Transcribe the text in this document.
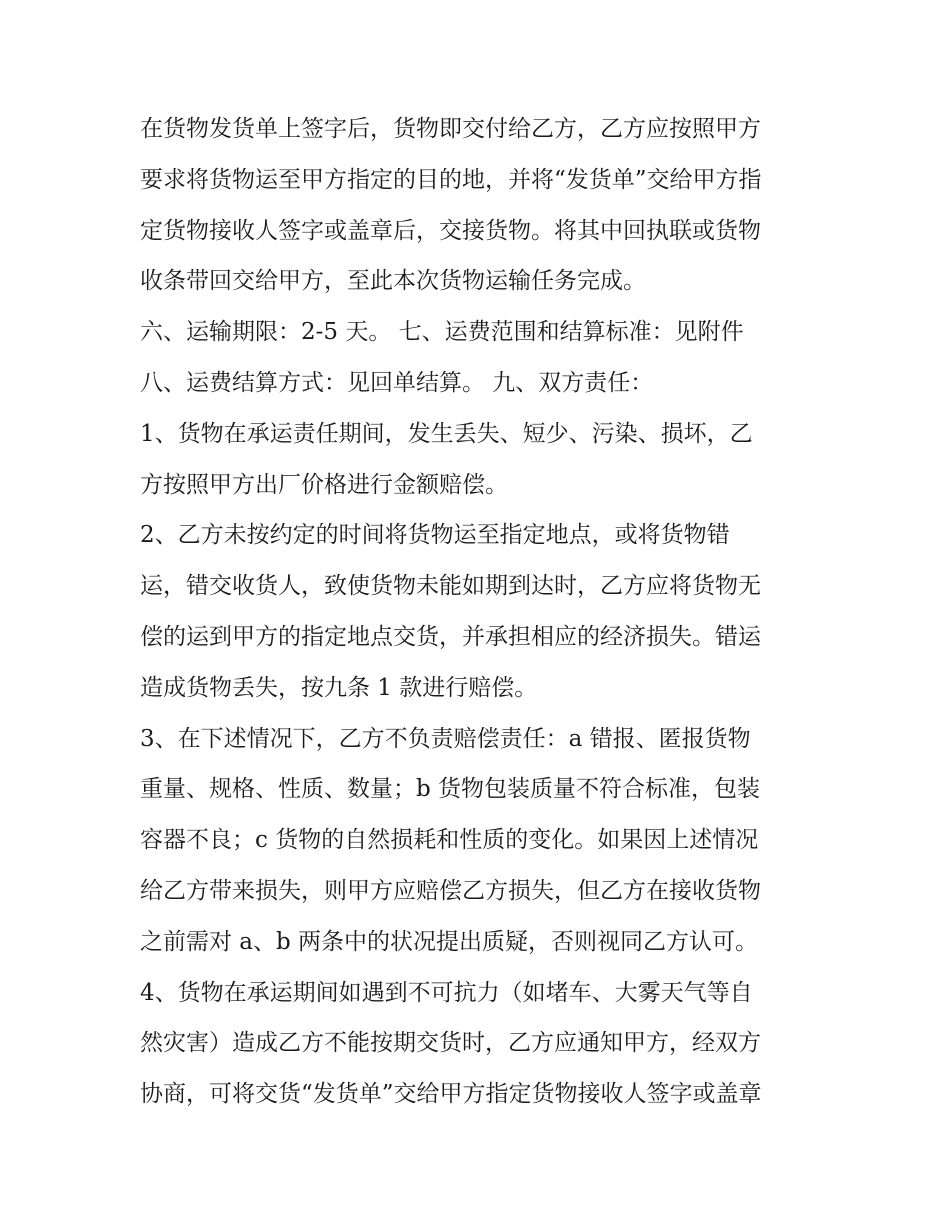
在货物发货单上签字后，货物即交付给乙方，乙方应按照甲方
要求将货物运至甲方指定的目的地，并将“发货单”交给甲方指
定货物接收人签字或盖章后，交接货物。将其中回执联或货物
收条带回交给甲方，至此本次货物运输任务完成。
六、运输期限：2-5 天。 七、运费范围和结算标准：见附件
八、运费结算方式：见回单结算。 九、双方责任：
1、货物在承运责任期间，发生丢失、短少、污染、损坏，乙
方按照甲方出厂价格进行金额赔偿。
2、乙方未按约定的时间将货物运至指定地点，或将货物错
运，错交收货人，致使货物未能如期到达时，乙方应将货物无
偿的运到甲方的指定地点交货，并承担相应的经济损失。错运
造成货物丢失，按九条 1 款进行赔偿。
3、在下述情况下，乙方不负责赔偿责任：a 错报、匿报货物
重量、规格、性质、数量；b 货物包装质量不符合标准，包装
容器不良；c 货物的自然损耗和性质的变化。如果因上述情况
给乙方带来损失，则甲方应赔偿乙方损失，但乙方在接收货物
之前需对 a、b 两条中的状况提出质疑，否则视同乙方认可。
4、货物在承运期间如遇到不可抗力（如堵车、大雾天气等自
然灾害）造成乙方不能按期交货时，乙方应通知甲方，经双方
协商，可将交货“发货单”交给甲方指定货物接收人签字或盖章
